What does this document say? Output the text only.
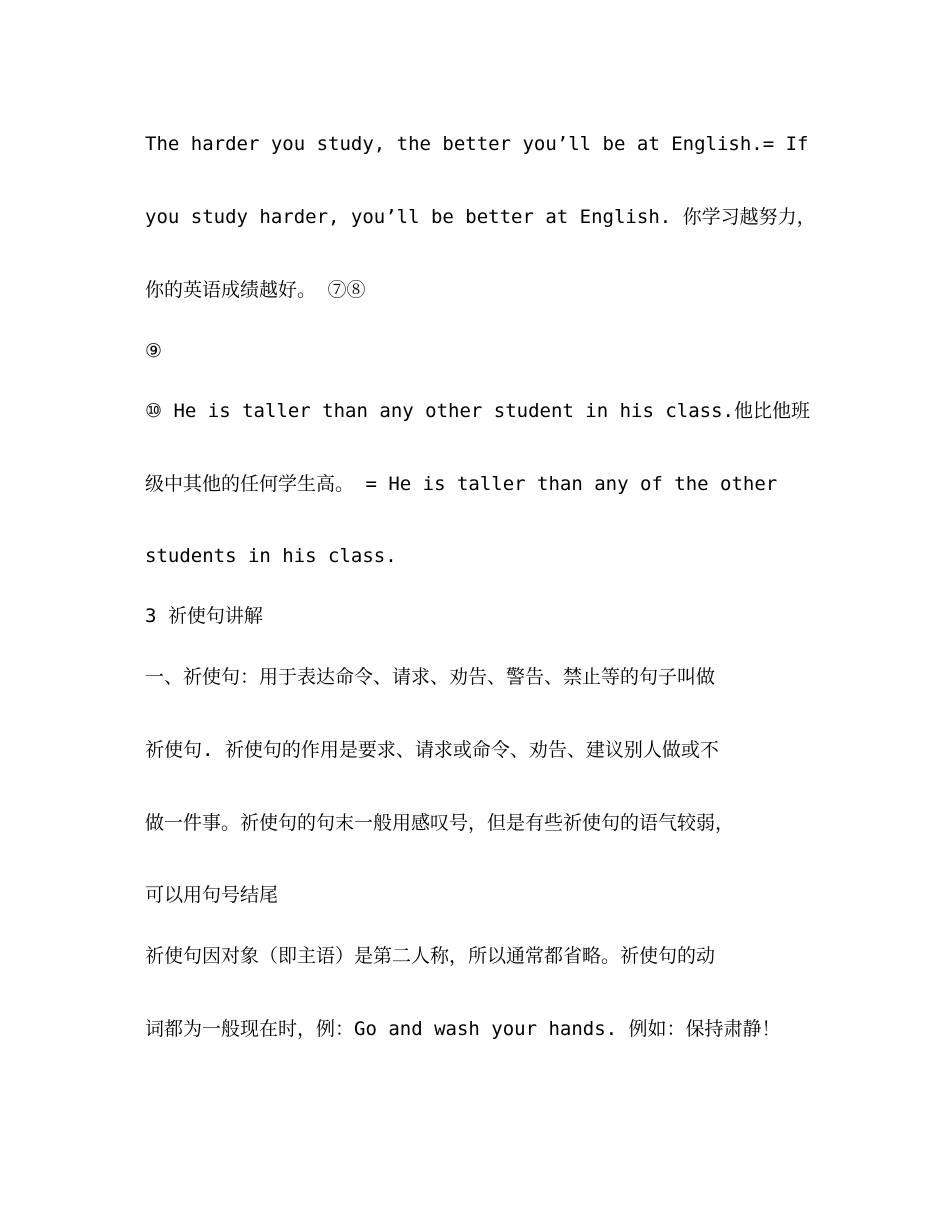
The harder you study, the better you’ll be at English.= If
you study harder, you’ll be better at English. 你学习越努力，
你的英语成绩越好。 ⑦⑧
⑨
⑩ He is taller than any other student in his class.他比他班
级中其他的任何学生高。 = He is taller than any of the other
students in his class.
3 祈使句讲解
一、祈使句：用于表达命令、请求、劝告、警告、禁止等的句子叫做
祈使句. 祈使句的作用是要求、请求或命令、劝告、建议别人做或不
做一件事。祈使句的句末一般用感叹号，但是有些祈使句的语气较弱，
可以用句号结尾
祈使句因对象（即主语）是第二人称，所以通常都省略。祈使句的动
词都为一般现在时，例：Go and wash your hands. 例如：保持肃静！
